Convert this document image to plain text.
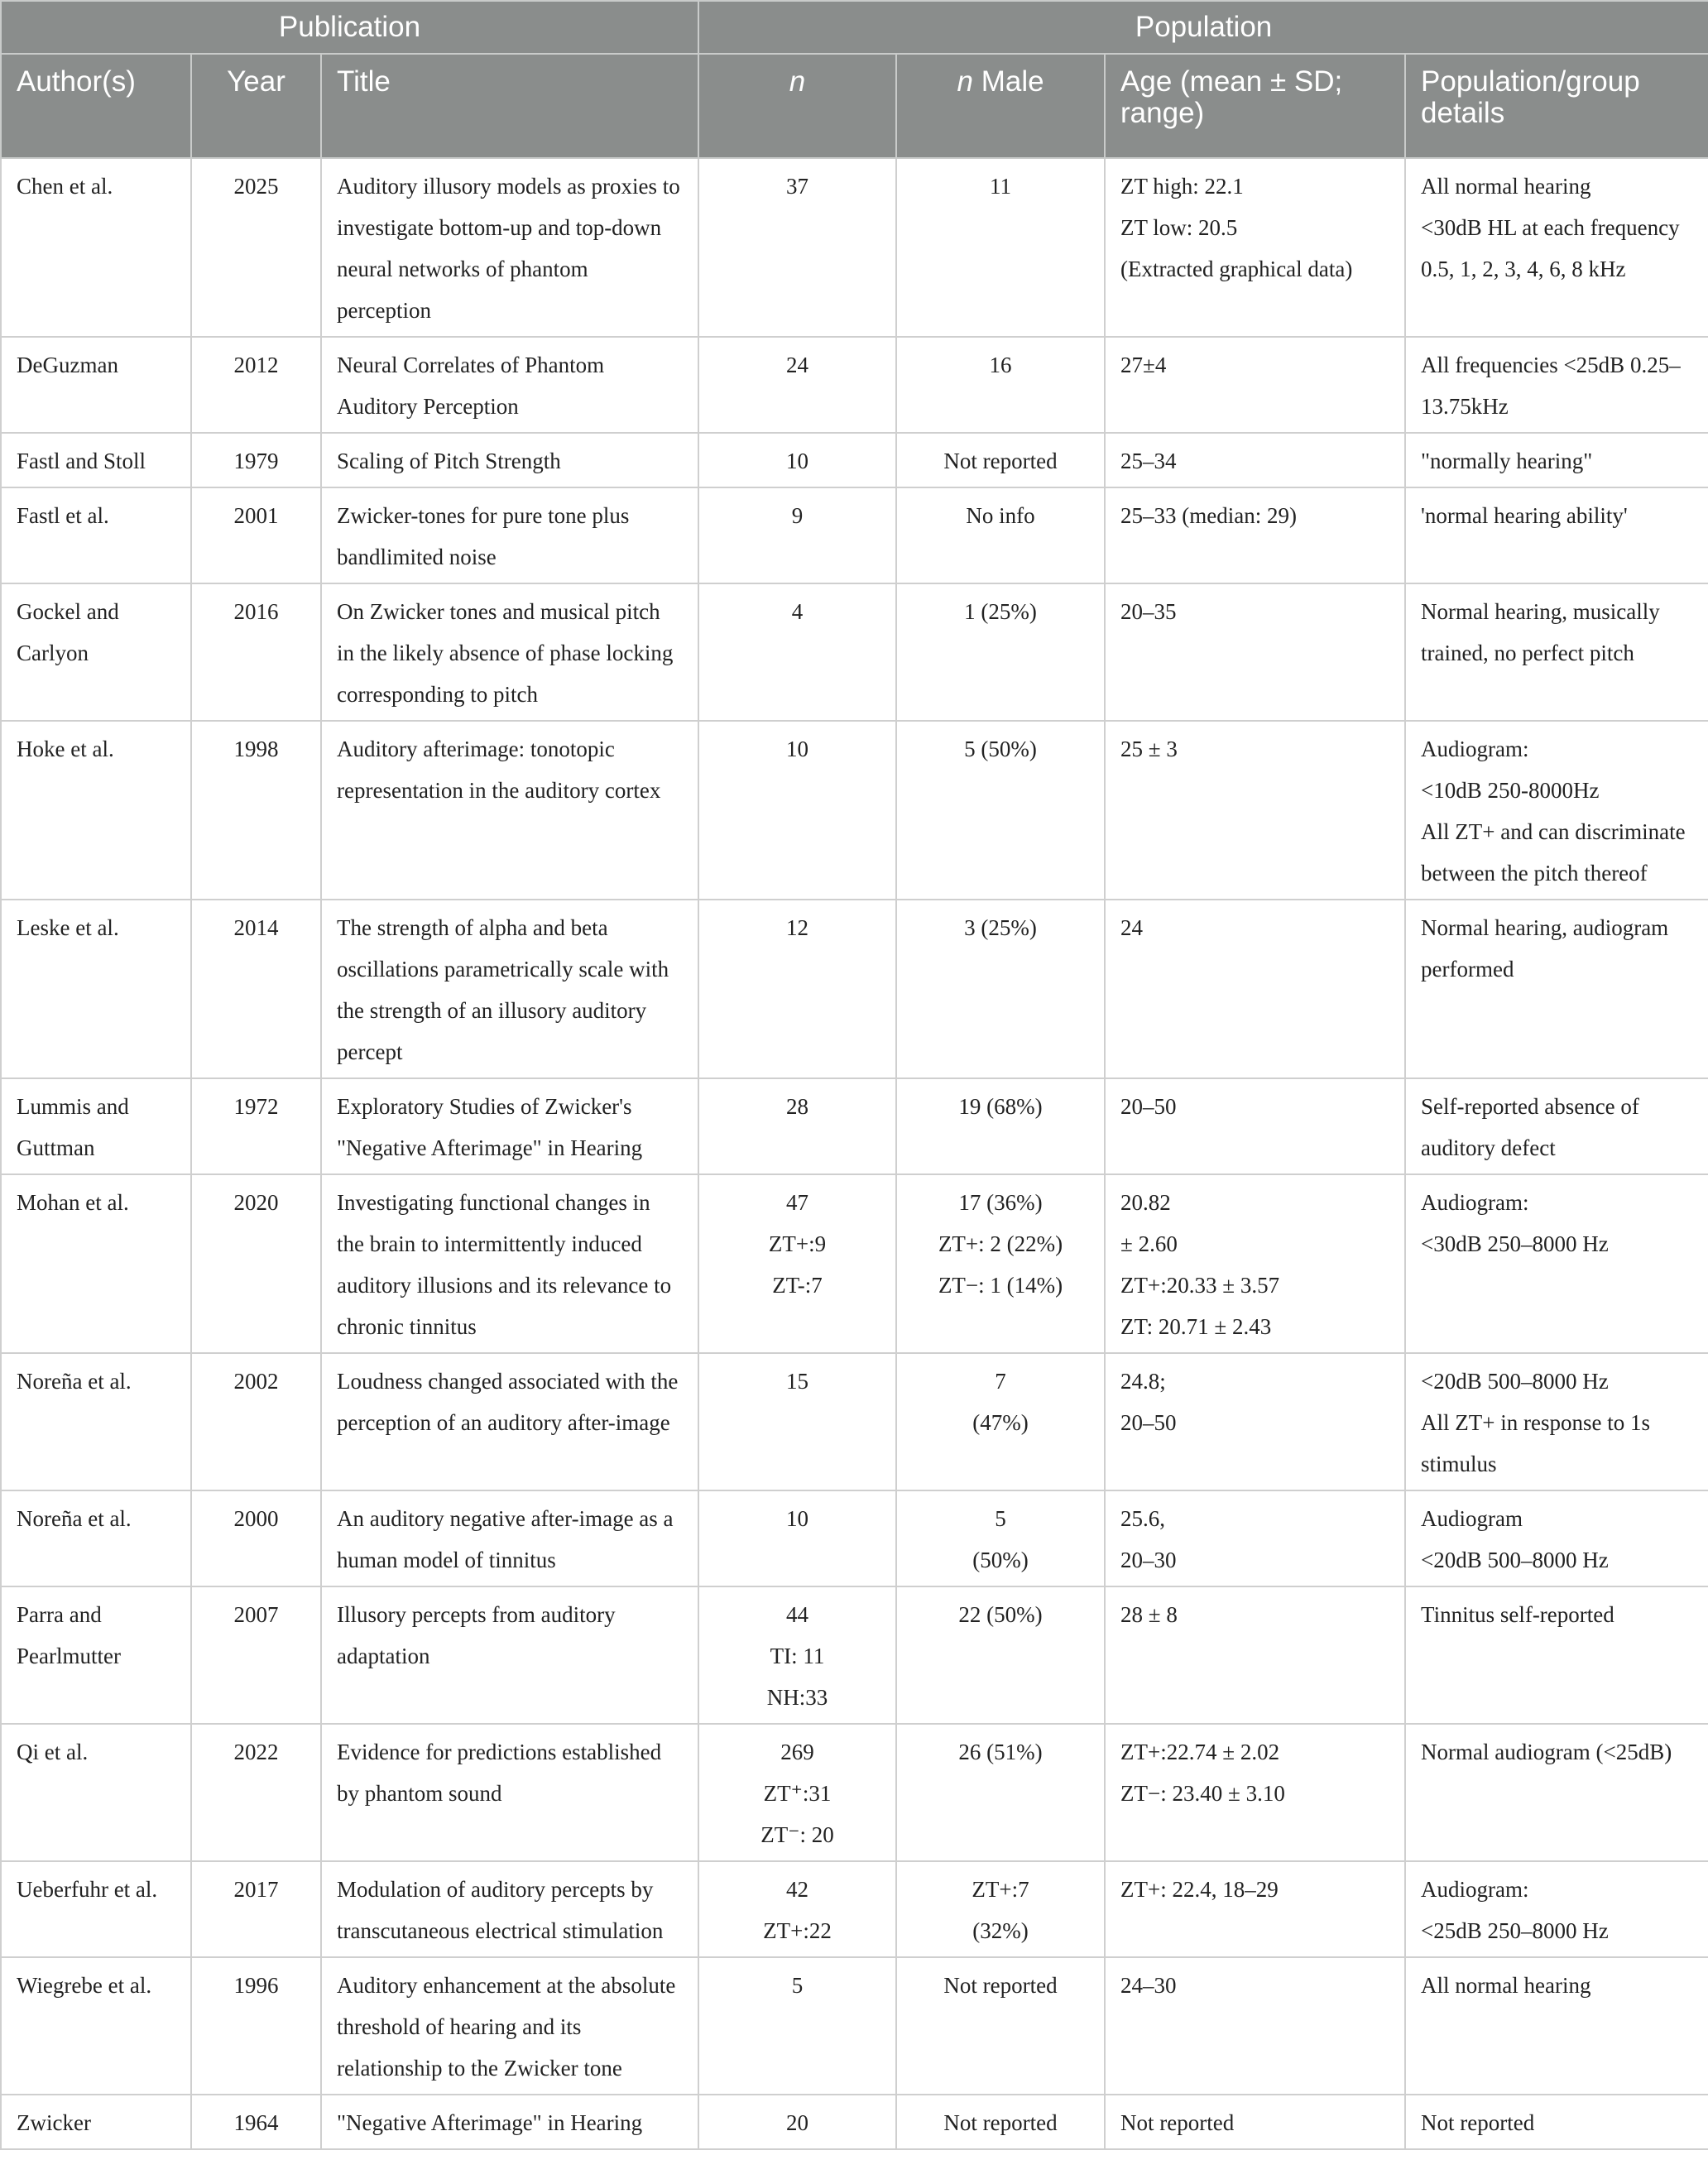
Publication			Population			
Author(s)	Year	Title	n	n Male	Age (mean ± SD; range)	Population/group details
Chen et al.	2025	Auditory illusory models as proxies to investigate bottom-up and top-down neural networks of phantom perception	37	11	ZT high: 22.1
ZT low: 20.5
(Extracted graphical data)	All normal hearing
<30dB HL at each frequency 0.5, 1, 2, 3, 4, 6, 8 kHz

DeGuzman	2012	Neural Correlates of Phantom Auditory Perception	24	16	27±4	All frequencies <25dB 0.25–13.75kHz

Fastl and Stoll	1979	Scaling of Pitch Strength	10	Not reported	25–34	"normally hearing"

Fastl et al.	2001	Zwicker-tones for pure tone plus bandlimited noise	9	No info	25–33 (median: 29)	'normal hearing ability'

Gockel and Carlyon	2016	On Zwicker tones and musical pitch in the likely absence of phase locking corresponding to pitch	4	1 (25%)	20–35	Normal hearing, musically trained, no perfect pitch

Hoke et al.	1998	Auditory afterimage: tonotopic representation in the auditory cortex	10	5 (50%)	25 ± 3	Audiogram:
<10dB 250-8000Hz
All ZT+ and can discriminate between the pitch thereof

Leske et al.	2014	The strength of alpha and beta oscillations parametrically scale with the strength of an illusory auditory percept	12	3 (25%)	24	Normal hearing, audiogram performed

Lummis and Guttman	1972	Exploratory Studies of Zwicker's "Negative Afterimage" in Hearing	28	19 (68%)	20–50	Self-reported absence of auditory defect

Mohan et al.	2020	Investigating functional changes in the brain to intermittently induced auditory illusions and its relevance to chronic tinnitus	47
ZT+:9
ZT-:7	17 (36%)
ZT+: 2 (22%)
ZT−: 1 (14%)	20.82
± 2.60
ZT+:20.33 ± 3.57
ZT: 20.71 ± 2.43	Audiogram:
<30dB 250–8000 Hz

Noreña et al.	2002	Loudness changed associated with the perception of an auditory after-image	15	7
(47%)	24.8;
20–50	<20dB 500–8000 Hz
All ZT+ in response to 1s stimulus

Noreña et al.	2000	An auditory negative after-image as a human model of tinnitus	10	5
(50%)	25.6,
20–30	Audiogram
<20dB 500–8000 Hz

Parra and Pearlmutter	2007	Illusory percepts from auditory adaptation	44
TI: 11
NH:33	22 (50%)	28 ± 8	Tinnitus self-reported

Qi et al.	2022	Evidence for predictions established by phantom sound	269
ZT⁺:31
ZT⁻: 20	26 (51%)	ZT+:22.74 ± 2.02
ZT−: 23.40 ± 3.10	Normal audiogram (<25dB)

Ueberfuhr et al.	2017	Modulation of auditory percepts by transcutaneous electrical stimulation	42
ZT+:22	ZT+:7
(32%)	ZT+: 22.4, 18–29	Audiogram:
<25dB 250–8000 Hz

Wiegrebe et al.	1996	Auditory enhancement at the absolute threshold of hearing and its relationship to the Zwicker tone	5	Not reported	24–30	All normal hearing

Zwicker	1964	"Negative Afterimage" in Hearing	20	Not reported	Not reported	Not reported
